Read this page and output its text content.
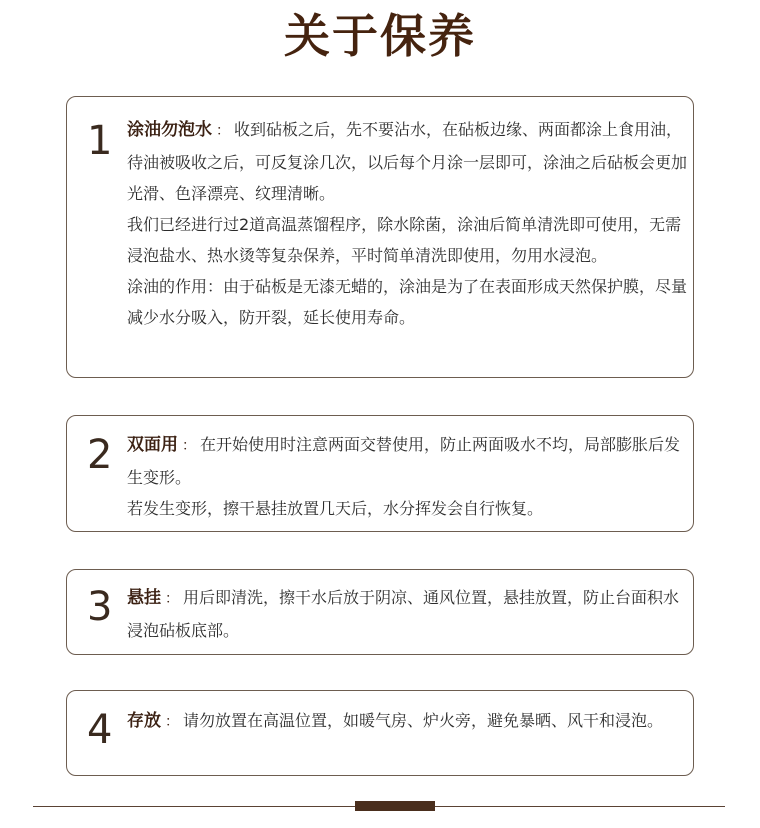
关于保养
1 涂油勿泡水 ： 收到砧板之后，先不要沾水，在砧板边缘、两面都涂上食用油，待油被吸收之后，可反复涂几次，以后每个月涂一层即可，涂油之后砧板会更加光滑、色泽漂亮、纹理清晰。

我们已经进行过2道高温蒸馏程序，除水除菌，涂油后简单清洗即可使用，无需浸泡盐水、热水烫等复杂保养，平时简单清洗即使用，勿用水浸泡。

涂油的作用：由于砧板是无漆无蜡的，涂油是为了在表面形成天然保护膜，尽量减少水分吸入，防开裂，延长使用寿命。

2 双面用 ： 在开始使用时注意两面交替使用，防止两面吸水不均，局部膨胀后发生变形。

若发生变形，擦干悬挂放置几天后，水分挥发会自行恢复。

3 悬挂 ： 用后即清洗，擦干水后放于阴凉、通风位置，悬挂放置，防止台面积水浸泡砧板底部。

4 存放 ： 请勿放置在高温位置，如暖气房、炉火旁，避免暴晒、风干和浸泡。
